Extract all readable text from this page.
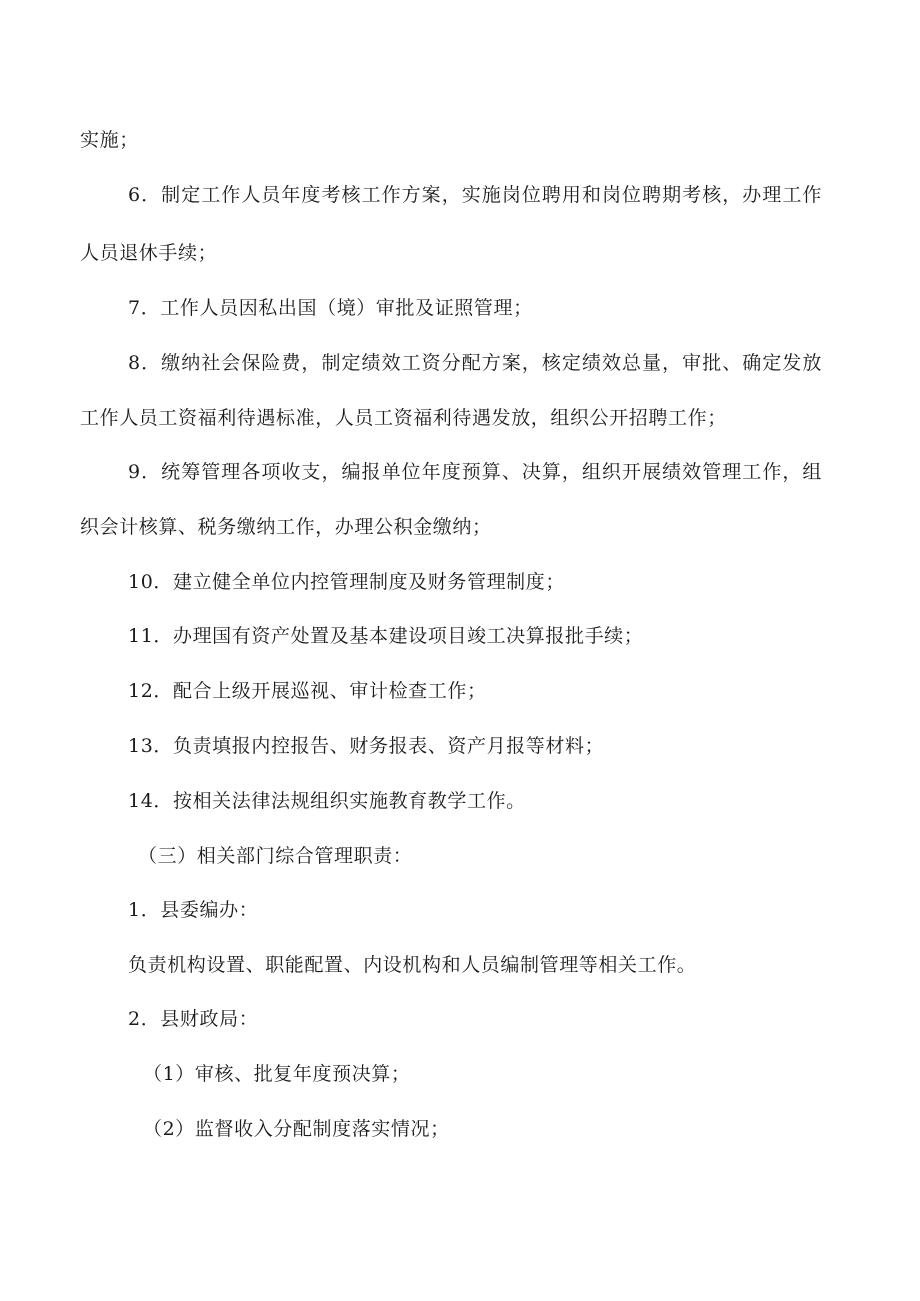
实施；
6．制定工作人员年度考核工作方案，实施岗位聘用和岗位聘期考核，办理工作
人员退休手续；
7．工作人员因私出国（境）审批及证照管理；
8．缴纳社会保险费，制定绩效工资分配方案，核定绩效总量，审批、确定发放
工作人员工资福利待遇标准，人员工资福利待遇发放，组织公开招聘工作；
9．统筹管理各项收支，编报单位年度预算、决算，组织开展绩效管理工作，组
织会计核算、税务缴纳工作，办理公积金缴纳；
10．建立健全单位内控管理制度及财务管理制度；
11．办理国有资产处置及基本建设项目竣工决算报批手续；
12．配合上级开展巡视、审计检查工作；
13．负责填报内控报告、财务报表、资产月报等材料；
14．按相关法律法规组织实施教育教学工作。
（三）相关部门综合管理职责：
1．县委编办：
负责机构设置、职能配置、内设机构和人员编制管理等相关工作。
2．县财政局：
（1）审核、批复年度预决算；
（2）监督收入分配制度落实情况；
